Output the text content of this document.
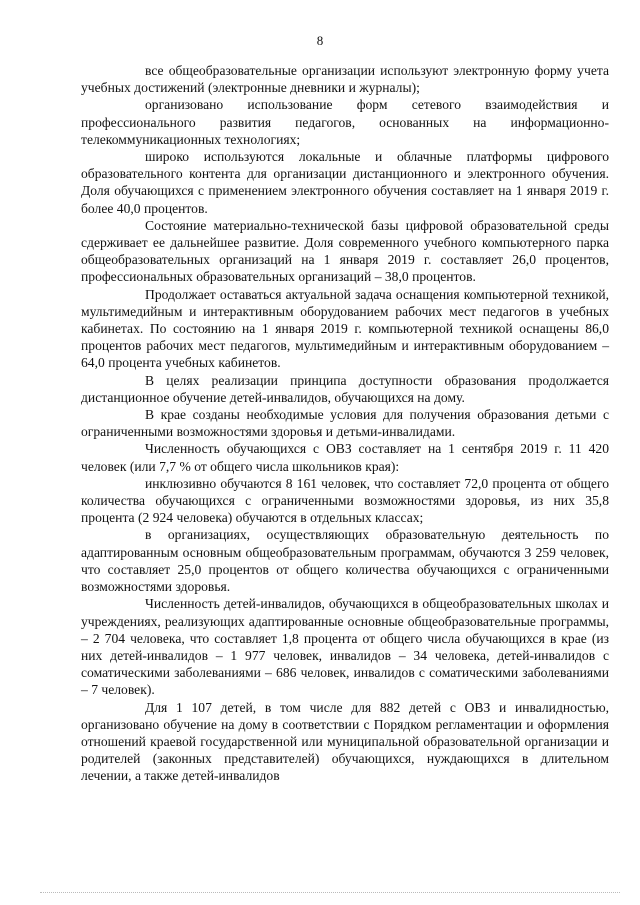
8

все общеобразовательные организации используют электронную форму учета учебных достижений (электронные дневники и журналы);

организовано использование форм сетевого взаимодействия и профессионального развития педагогов, основанных на информационно-телекоммуникационных технологиях;

широко используются локальные и облачные платформы цифрового образовательного контента для организации дистанционного и электронного обучения. Доля обучающихся с применением электронного обучения составляет на 1 января 2019 г. более 40,0 процентов.

Состояние материально-технической базы цифровой образовательной среды сдерживает ее дальнейшее развитие. Доля современного учебного компьютерного парка общеобразовательных организаций на 1 января 2019 г. составляет 26,0 процентов, профессиональных образовательных организаций – 38,0 процентов.

Продолжает оставаться актуальной задача оснащения компьютерной техникой, мультимедийным и интерактивным оборудованием рабочих мест педагогов в учебных кабинетах. По состоянию на 1 января 2019 г. компьютерной техникой оснащены 86,0 процентов рабочих мест педагогов, мультимедийным и интерактивным оборудованием – 64,0 процента учебных кабинетов.

В целях реализации принципа доступности образования продолжается дистанционное обучение детей-инвалидов, обучающихся на дому.

В крае созданы необходимые условия для получения образования детьми с ограниченными возможностями здоровья и детьми-инвалидами.

Численность обучающихся с ОВЗ составляет на 1 сентября 2019 г. 11 420 человек (или 7,7 % от общего числа школьников края):

инклюзивно обучаются 8 161 человек, что составляет 72,0 процента от общего количества обучающихся с ограниченными возможностями здоровья, из них 35,8 процента (2 924 человека) обучаются в отдельных классах;

в организациях, осуществляющих образовательную деятельность по адаптированным основным общеобразовательным программам, обучаются 3 259 человек, что составляет 25,0 процентов от общего количества обучающихся с ограниченными возможностями здоровья.

Численность детей-инвалидов, обучающихся в общеобразовательных школах и учреждениях, реализующих адаптированные основные общеобразовательные программы, – 2 704 человека, что составляет 1,8 процента от общего числа обучающихся в крае (из них детей-инвалидов – 1 977 человек, инвалидов – 34 человека, детей-инвалидов с соматическими заболеваниями – 686 человек, инвалидов с соматическими заболеваниями – 7 человек).

Для 1 107 детей, в том числе для 882 детей с ОВЗ и инвалидностью, организовано обучение на дому в соответствии с Порядком регламентации и оформления отношений краевой государственной или муниципальной образовательной организации и родителей (законных представителей) обучающихся, нуждающихся в длительном лечении, а также детей-инвалидов
